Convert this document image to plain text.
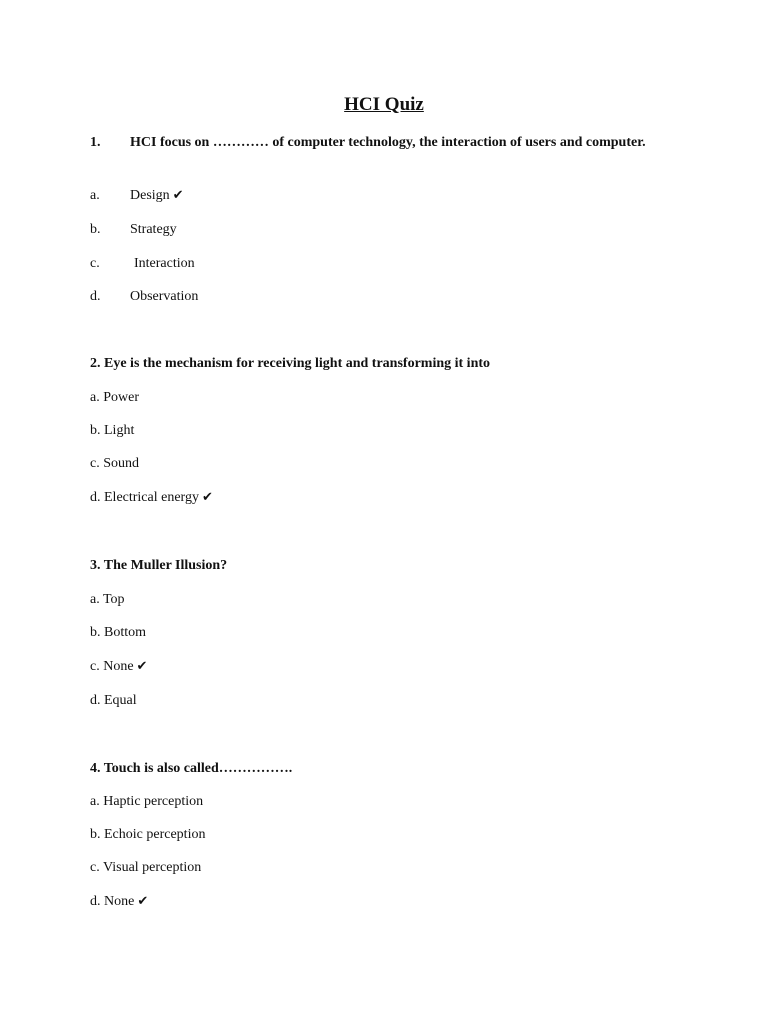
HCI Quiz
1. HCI focus on ………… of computer technology, the interaction of users and computer.
a. Design ✔
b. Strategy
c. Interaction
d. Observation
2. Eye is the mechanism for receiving light and transforming it into
a. Power
b. Light
c. Sound
d. Electrical energy ✔
3. The Muller Illusion?
a. Top
b. Bottom
c. None ✔
d. Equal
4. Touch is also called…………….
a. Haptic perception
b. Echoic perception
c. Visual perception
d. None ✔
